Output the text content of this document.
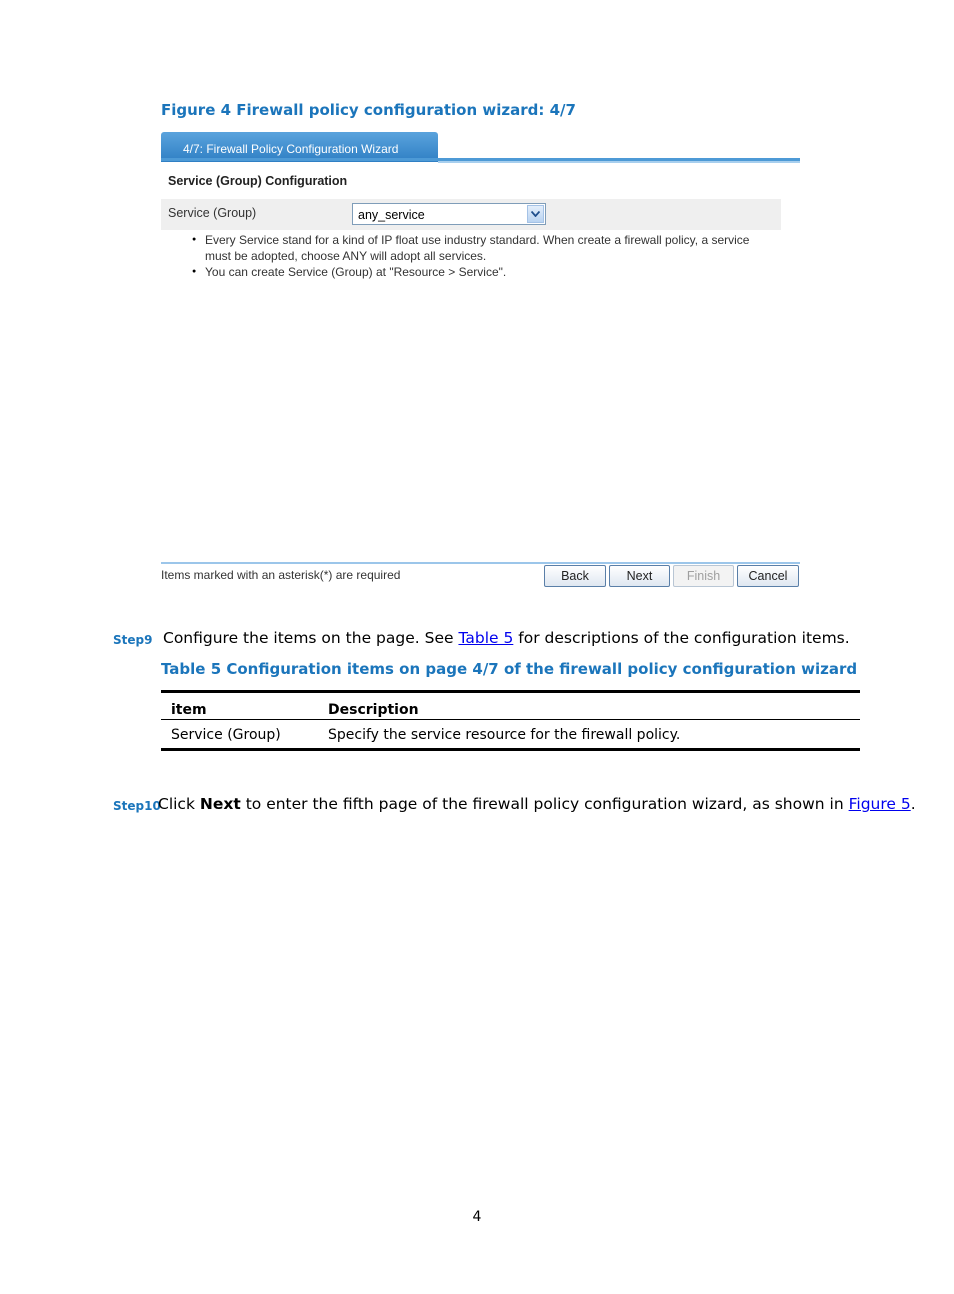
Figure 4 Firewall policy configuration wizard: 4/7
4/7: Firewall Policy Configuration Wizard
Service (Group) Configuration
Service (Group)	any_service
● Every Service stand for a kind of IP float use industry standard. When create a firewall policy, a service must be adopted, choose ANY will adopt all services.
● You can create Service (Group) at "Resource > Service".
Items marked with an asterisk(*) are required	Back	Next	Finish	Cancel
Step9 Configure the items on the page. See Table 5 for descriptions of the configuration items.
Table 5 Configuration items on page 4/7 of the firewall policy configuration wizard
item	Description
Service (Group)	Specify the service resource for the firewall policy.
Step10
Click Next to enter the fifth page of the firewall policy configuration wizard, as shown in Figure 5.
4
